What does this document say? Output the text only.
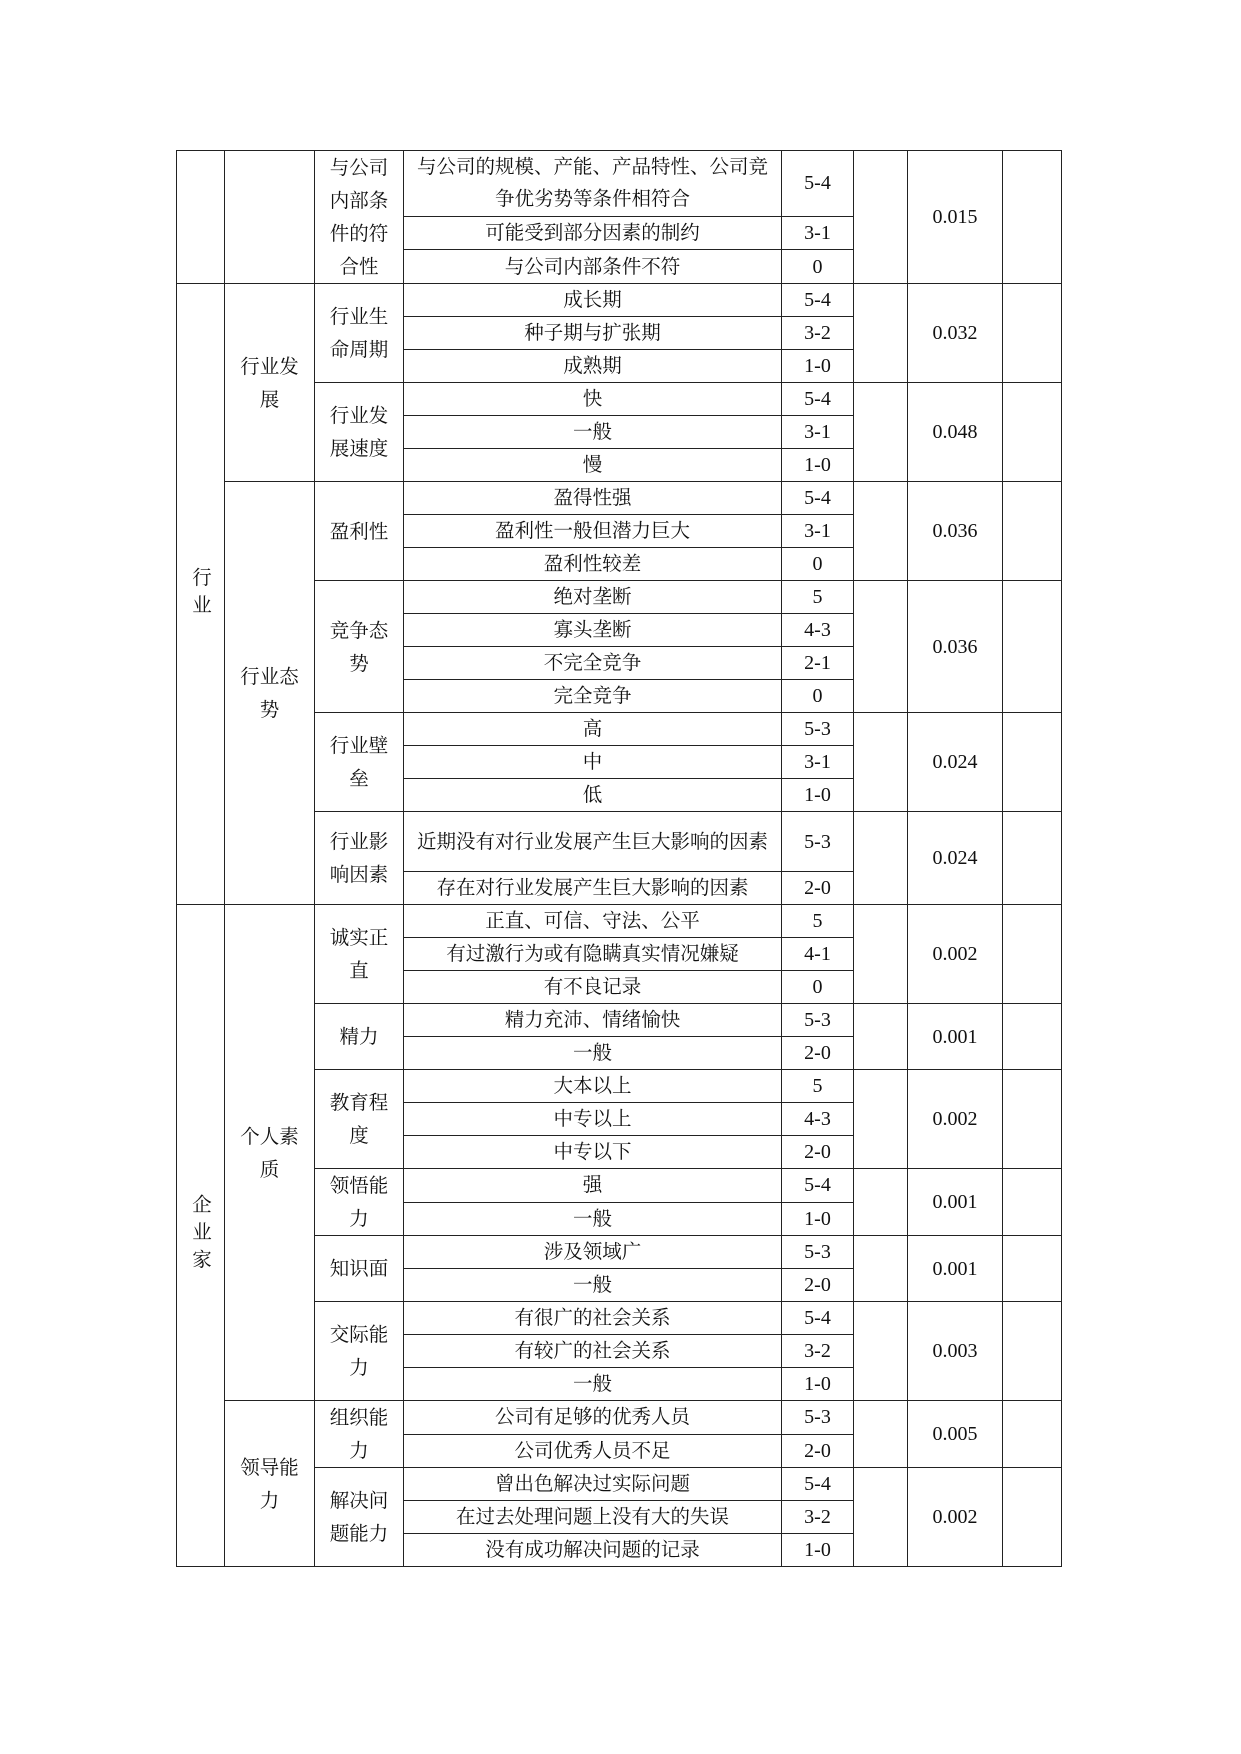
		与公司内部条件的符合性	与公司的规模、产能、产品特性、公司竞争优劣势等条件相符合	5-4		0.015	
			可能受到部分因素的制约	3-1			
			与公司内部条件不符	0			
行业	行业发展	行业生命周期	成长期	5-4		0.032	
			种子期与扩张期	3-2			
			成熟期	1-0			
		行业发展速度	快	5-4		0.048	
			一般	3-1			
			慢	1-0			
	行业态势	盈利性	盈得性强	5-4		0.036	
			盈利性一般但潜力巨大	3-1			
			盈利性较差	0			
		竞争态势	绝对垄断	5		0.036	
			寡头垄断	4-3			
			不完全竞争	2-1			
			完全竞争	0			
		行业壁垒	高	5-3		0.024	
			中	3-1			
			低	1-0			
		行业影响因素	近期没有对行业发展产生巨大影响的因素	5-3		0.024	
			存在对行业发展产生巨大影响的因素	2-0			
企业家	个人素质	诚实正直	正直、可信、守法、公平	5		0.002	
			有过激行为或有隐瞒真实情况嫌疑	4-1			
			有不良记录	0			
		精力	精力充沛、情绪愉快	5-3		0.001	
			一般	2-0			
		教育程度	大本以上	5		0.002	
			中专以上	4-3			
			中专以下	2-0			
		领悟能力	强	5-4		0.001	
			一般	1-0			
		知识面	涉及领域广	5-3		0.001	
			一般	2-0			
		交际能力	有很广的社会关系	5-4		0.003	
			有较广的社会关系	3-2			
			一般	1-0			
	领导能力	组织能力	公司有足够的优秀人员	5-3		0.005	
			公司优秀人员不足	2-0			
		解决问题能力	曾出色解决过实际问题	5-4		0.002	
			在过去处理问题上没有大的失误	3-2			
			没有成功解决问题的记录	1-0			
